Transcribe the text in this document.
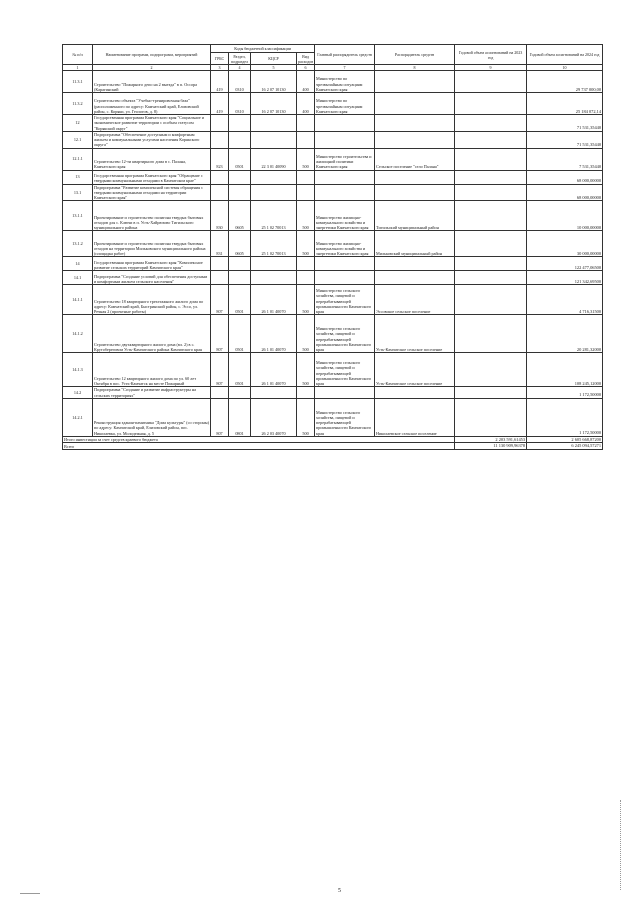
№ п/п	Наименование программ, подпрограмм, мероприятий	Коды бюджетной классификации				Главный распорядитель средств	Распорядитель средств	Годовой объем ассигнований на 2023 год	Годовой объем ассигнований на 2024 год
		ГРБС	Раздел, подраздел	КЦСР	Вид расходов				
1	2	3	4	5	6	7	8	9	10
11.3.1	Строительство "Пожарного депо на 2 выезда" в п. Оссора (Карагинский	419	0310	16 2 07 10130	400	Министерство по чрезвычайным ситуациям Камчатского края			29 737 000,00
11.3.2	Строительство объекта "Учебно-тренировочная база" (расположенного по адресу: Камчатский край, Елизовский район, с. Коряки, ул. Геологов, д. 8)	419	0310	16 2 07 10130	400	Министерство по чрезвычайным ситуациям Камчатского края			25 184 072,14
12	Государственная программа Камчатского края "Социальное и экономическое развитие территории с особым статусом "Корякский округ"								71 531,35440
12.1	Подпрограмма "Обеспечение доступным и комфортным жильем и коммунальными услугами населения Корякского округа"								71 531,35440
12.1.1	Строительство 12-ти квартирного дома в с. Палана, Камчатского края	823	0501	22 3 01 40090	500	Министерство строительства и жилищной политики Камчатского края	Сельское поселение "село Палана"		7 531,35440
13	Государственная программа Камчатского края "Обращение с твердыми коммунальными отходами в Камчатском крае"								68 000,00000
13.1	Подпрограмма "Развитие комплексной системы обращения с твердыми коммунальными отходами на территории Камчатского края"								68 000,00000
13.1.1	Проектирование и строительство полигона твердых бытовых отходов для с. Ключи в п. Усть-Хайрюзово Тигильского муниципального района	830	0605	25 1 02 70013	500	Министерство жилищно-коммунального хозяйства и энергетики Камчатского края	Тигильский муниципальный район		10 000,00000
13.1.2	Проектирование и строительство полигона твердых бытовых отходов на территории Мильковского муниципального района (площадка работ)	831	0605	25 1 02 70013	500	Министерство жилищно-коммунального хозяйства и энергетики Камчатского края	Мильковский муниципальный район		30 000,00000
14	Государственная программа Камчатского края "Комплексное развитие сельских территорий Камчатского края"								122 477,06500
14.1	Подпрограмма "Создание условий для обеспечения доступным и комфортным жильем сельского населения"								121 342,69500
14.1.1	Строительство 18 квартирного трехэтажного жилого дома по адресу: Камчатский край, Быстринский район, с. Эссо, ул. Речная 2 (проектные работы)	807	0501	26 1 01 40070	500	Министерство сельского хозяйства, пищевой и перерабатывающей промышленности Камчатского края	Эссовское сельское поселение		4 716,31500
14.1.2	Строительство двухквартирного жилого дома (вл. 2) в с. Крутобереговом Усть-Камчатского района Камчатского края	807	0501	26 1 01 40070	500	Министерство сельского хозяйства, пищевой и перерабатывающей промышленности Камчатского края	Усть-Камчатское сельское поселение		20 281,32000
14.1.3	Строительство 12 квартирного жилого дома по ул. 60 лет Октября в пос. Усть-Камчатск на месте Пожарный	807	0501	26 1 01 40070	500	Министерство сельского хозяйства, пищевой и перерабатывающей промышленности Камчатского края	Усть-Камчатское сельское поселение		108 245,12000
14.2	Подпрограмма "Создание и развитие инфраструктуры на сельских территориях"								1 172,50000
14.2.1	Реконструкция здания-памятника "Дома культуры" (со стороны) по адресу: Камчатский край, Елизовский район, пос. Николаевка, ул. Молодежная, д. 5	807	0801	26 2 03 40070	500	Министерство сельского хозяйства, пищевой и перерабатывающей промышленности Камчатского края	Николаевское сельское поселение		1 172,50000
Итого инвестиции за счет средств краевого бюджета								2 203 591,61453	2 605 668,87200
Всего								11 130 909,96378	6 245 094,57271
5
